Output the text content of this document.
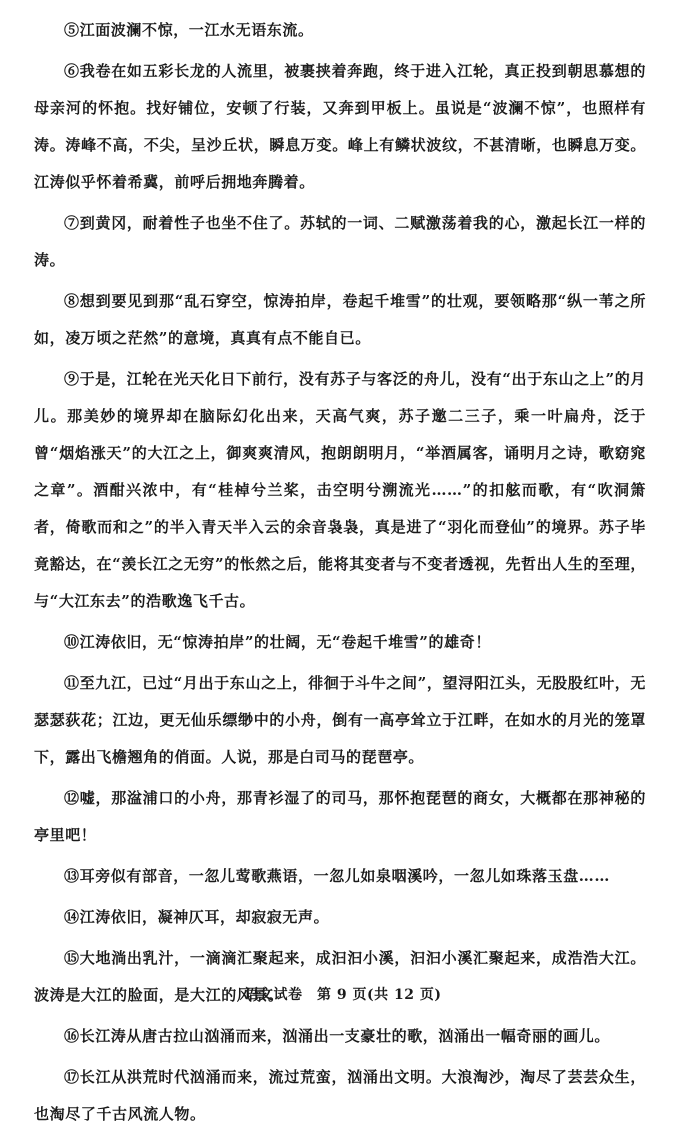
⑤江面波澜不惊，一江水无语东流。

⑥我卷在如五彩长龙的人流里，被裹挟着奔跑，终于进入江轮，真正投到朝思慕想的母亲河的怀抱。找好铺位，安顿了行装，又奔到甲板上。虽说是“波澜不惊”，也照样有涛。涛峰不高，不尖，呈沙丘状，瞬息万变。峰上有鳞状波纹，不甚清晰，也瞬息万变。江涛似乎怀着希冀，前呼后拥地奔腾着。

⑦到黄冈，耐着性子也坐不住了。苏轼的一词、二赋激荡着我的心，激起长江一样的涛。

⑧想到要见到那“乱石穿空，惊涛拍岸，卷起千堆雪”的壮观，要领略那“纵一苇之所如，凌万顷之茫然”的意境，真真有点不能自已。

⑨于是，江轮在光天化日下前行，没有苏子与客泛的舟儿，没有“出于东山之上”的月儿。那美妙的境界却在脑际幻化出来，天高气爽，苏子邀二三子，乘一叶扁舟，泛于曾“烟焰涨天”的大江之上，御爽爽清风，抱朗朗明月，“举酒属客，诵明月之诗，歌窈窕之章”。酒酣兴浓中，有“桂棹兮兰桨，击空明兮溯流光……”的扣舷而歌，有“吹洞箫者，倚歌而和之”的半入青天半入云的余音袅袅，真是进了“羽化而登仙”的境界。苏子毕竟豁达，在“羡长江之无穷”的怅然之后，能将其变者与不变者透视，先哲出人生的至理，与“大江东去”的浩歌逸飞千古。

⑩江涛依旧，无“惊涛拍岸”的壮阔，无“卷起千堆雪”的雄奇！

⑪至九江，已过“月出于东山之上，徘徊于斗牛之间”，望浔阳江头，无股股红叶，无瑟瑟荻花；江边，更无仙乐缥缈中的小舟，倒有一高亭耸立于江畔，在如水的月光的笼罩下，露出飞檐翘角的俏面。人说，那是白司马的琵琶亭。

⑫嘘，那湓浦口的小舟，那青衫湿了的司马，那怀抱琵琶的商女，大概都在那神秘的亭里吧！

⑬耳旁似有部音，一忽儿莺歌燕语，一忽儿如泉咽溪吟，一忽儿如珠落玉盘……

⑭江涛依旧，凝神仄耳，却寂寂无声。

⑮大地淌出乳汁，一滴滴汇聚起来，成汩汩小溪，汩汩小溪汇聚起来，成浩浩大江。波涛是大江的脸面，是大江的风景。

⑯长江涛从唐古拉山汹涌而来，汹涌出一支豪壮的歌，汹涌出一幅奇丽的画儿。

⑰长江从洪荒时代汹涌而来，流过荒蛮，汹涌出文明。大浪淘沙，淘尽了芸芸众生，也淘尽了千古风流人物。

语文试卷　第 9 页(共 12 页)
